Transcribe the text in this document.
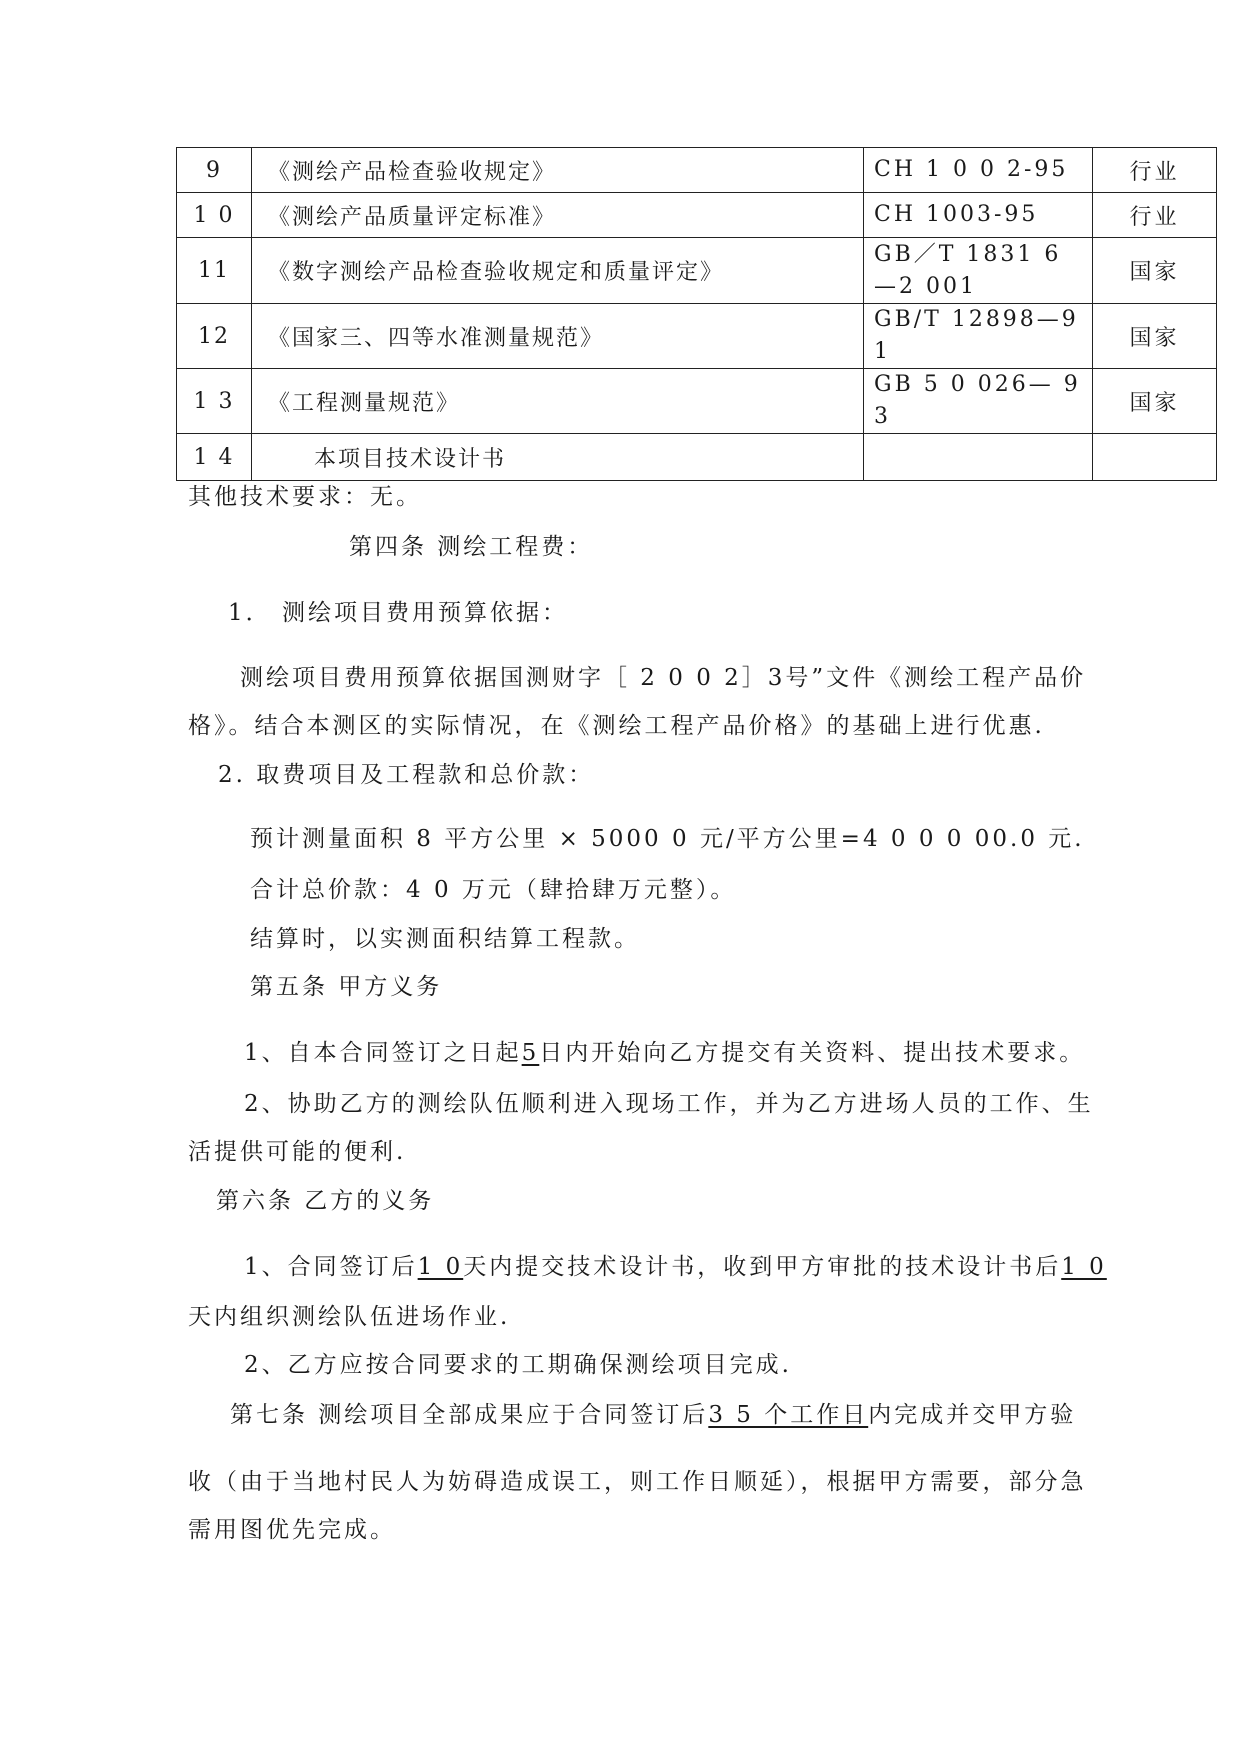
9	《测绘产品检查验收规定》	CH 1 0 0 2-95	行业
1 0	《测绘产品质量评定标准》	CH 1003-95	行业
11	《数字测绘产品检查验收规定和质量评定》	GB／T 1831 6 —2 001	国家
12	《国家三、四等水准测量规范》	GB/T 12898—9 1	国家
1 3	《工程测量规范》	GB 5 0 026— 9 3	国家
1 4	本项目技术设计书		
其他技术要求：无。
第四条 测绘工程费：
1． 测绘项目费用预算依据：
测绘项目费用预算依据国测财字［ 2 0 0 2］3号”文件《测绘工程产品价
格》。结合本测区的实际情况，在《测绘工程产品价格》的基础上进行优惠.
2. 取费项目及工程款和总价款：
预计测量面积 8 平方公里 × 5000 0 元/平方公里=4 0 0 0 00.0 元.
合计总价款：4 0 万元（肆拾肆万元整）。
结算时，以实测面积结算工程款。
第五条 甲方义务
1、自本合同签订之日起5日内开始向乙方提交有关资料、提出技术要求。
2、协助乙方的测绘队伍顺利进入现场工作，并为乙方进场人员的工作、生
活提供可能的便利.
第六条 乙方的义务
1、合同签订后1 0天内提交技术设计书，收到甲方审批的技术设计书后1 0
天内组织测绘队伍进场作业.
2、乙方应按合同要求的工期确保测绘项目完成.
第七条 测绘项目全部成果应于合同签订后3 5 个工作日内完成并交甲方验
收（由于当地村民人为妨碍造成误工，则工作日顺延），根据甲方需要，部分急
需用图优先完成。
